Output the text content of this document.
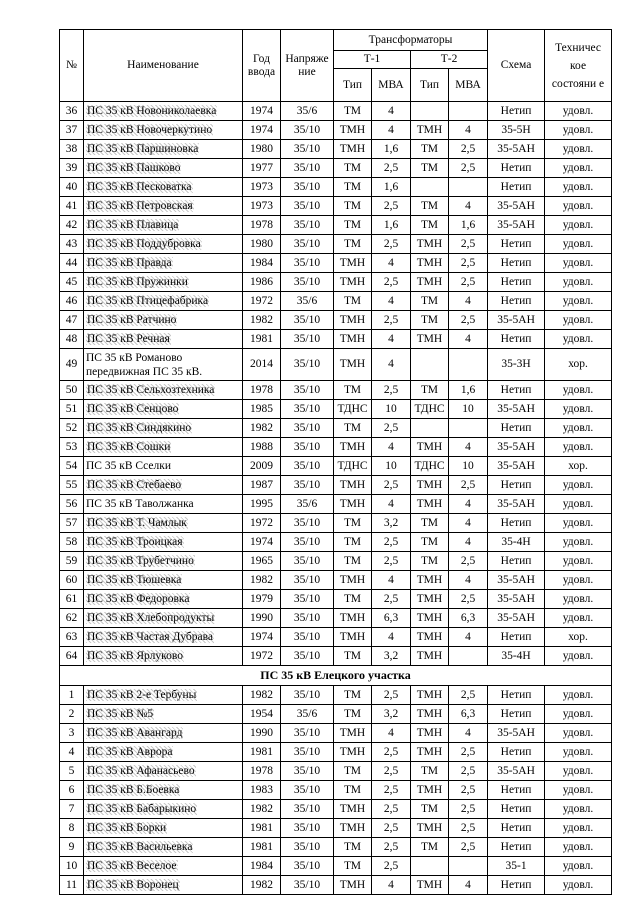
№	Наименование	Год ввода	Напряже ние	Трансформаторы				Схема	Техничес кое состояни е
				Т-1		Т-2			
				Тип	МВА	Тип	МВА		
36	ПС 35 кВ Новониколаевка	1974	35/6	ТМ	4			Нетип	удовл.
37	ПС 35 кВ Новочеркутино	1974	35/10	ТМН	4	ТМН	4	35-5Н	удовл.
38	ПС 35 кВ Паршиновка	1980	35/10	ТМН	1,6	ТМ	2,5	35-5АН	удовл.
39	ПС 35 кВ Пашково	1977	35/10	ТМ	2,5	ТМ	2,5	Нетип	удовл.
40	ПС 35 кВ Песковатка	1973	35/10	ТМ	1,6			Нетип	удовл.
41	ПС 35 кВ Петровская	1973	35/10	ТМ	2,5	ТМ	4	35-5АН	удовл.
42	ПС 35 кВ Плавица	1978	35/10	ТМ	1,6	ТМ	1,6	35-5АН	удовл.
43	ПС 35 кВ Поддубровка	1980	35/10	ТМ	2,5	ТМН	2,5	Нетип	удовл.
44	ПС 35 кВ Правда	1984	35/10	ТМН	4	ТМН	2,5	Нетип	удовл.
45	ПС 35 кВ Пружинки	1986	35/10	ТМН	2,5	ТМН	2,5	Нетип	удовл.
46	ПС 35 кВ Птицефабрика	1972	35/6	ТМ	4	ТМ	4	Нетип	удовл.
47	ПС 35 кВ Ратчино	1982	35/10	ТМН	2,5	ТМ	2,5	35-5АН	удовл.
48	ПС 35 кВ Речная	1981	35/10	ТМН	4	ТМН	4	Нетип	удовл.
49	ПС 35 кВ Романово передвижная ПС 35 кВ.	2014	35/10	ТМН	4			35-3Н	хор.
50	ПС 35 кВ Сельхозтехника	1978	35/10	ТМ	2,5	ТМ	1,6	Нетип	удовл.
51	ПС 35 кВ Сенцово	1985	35/10	ТДНС	10	ТДНС	10	35-5АН	удовл.
52	ПС 35 кВ Синдякино	1982	35/10	ТМ	2,5			Нетип	удовл.
53	ПС 35 кВ Сошки	1988	35/10	ТМН	4	ТМН	4	35-5АН	удовл.
54	ПС 35 кВ Сселки	2009	35/10	ТДНС	10	ТДНС	10	35-5АН	хор.
55	ПС 35 кВ Стебаево	1987	35/10	ТМН	2,5	ТМН	2,5	Нетип	удовл.
56	ПС 35 кВ Таволжанка	1995	35/6	ТМН	4	ТМН	4	35-5АН	удовл.
57	ПС 35 кВ Т. Чамлык	1972	35/10	ТМ	3,2	ТМ	4	Нетип	удовл.
58	ПС 35 кВ Троицкая	1974	35/10	ТМ	2,5	ТМ	4	35-4Н	удовл.
59	ПС 35 кВ Трубетчино	1965	35/10	ТМ	2,5	ТМ	2,5	Нетип	удовл.
60	ПС 35 кВ Тюшевка	1982	35/10	ТМН	4	ТМН	4	35-5АН	удовл.
61	ПС 35 кВ Федоровка	1979	35/10	ТМ	2,5	ТМН	2,5	35-5АН	удовл.
62	ПС 35 кВ Хлебопродукты	1990	35/10	ТМН	6,3	ТМН	6,3	35-5АН	удовл.
63	ПС 35 кВ Частая Дубрава	1974	35/10	ТМН	4	ТМН	4	Нетип	хор.
64	ПС 35 кВ Ярлуково	1972	35/10	ТМ	3,2	ТМН		35-4Н	удовл.
ПС 35 кВ Елецкого участка									
1	ПС 35 кВ 2-е Тербуны	1982	35/10	ТМ	2,5	ТМН	2,5	Нетип	удовл.
2	ПС 35 кВ №5	1954	35/6	ТМ	3,2	ТМН	6,3	Нетип	удовл.
3	ПС 35 кВ Авангард	1990	35/10	ТМН	4	ТМН	4	35-5АН	удовл.
4	ПС 35 кВ Аврора	1981	35/10	ТМН	2,5	ТМН	2,5	Нетип	удовл.
5	ПС 35 кВ Афанасьево	1978	35/10	ТМ	2,5	ТМ	2,5	35-5АН	удовл.
6	ПС 35 кВ Б.Боевка	1983	35/10	ТМ	2,5	ТМН	2,5	Нетип	удовл.
7	ПС 35 кВ Бабарыкино	1982	35/10	ТМН	2,5	ТМ	2,5	Нетип	удовл.
8	ПС 35 кВ Борки	1981	35/10	ТМН	2,5	ТМН	2,5	Нетип	удовл.
9	ПС 35 кВ Васильевка	1981	35/10	ТМ	2,5	ТМ	2,5	Нетип	удовл.
10	ПС 35 кВ Веселое	1984	35/10	ТМ	2,5			35-1	удовл.
11	ПС 35 кВ Воронец	1982	35/10	ТМН	4	ТМН	4	Нетип	удовл.
